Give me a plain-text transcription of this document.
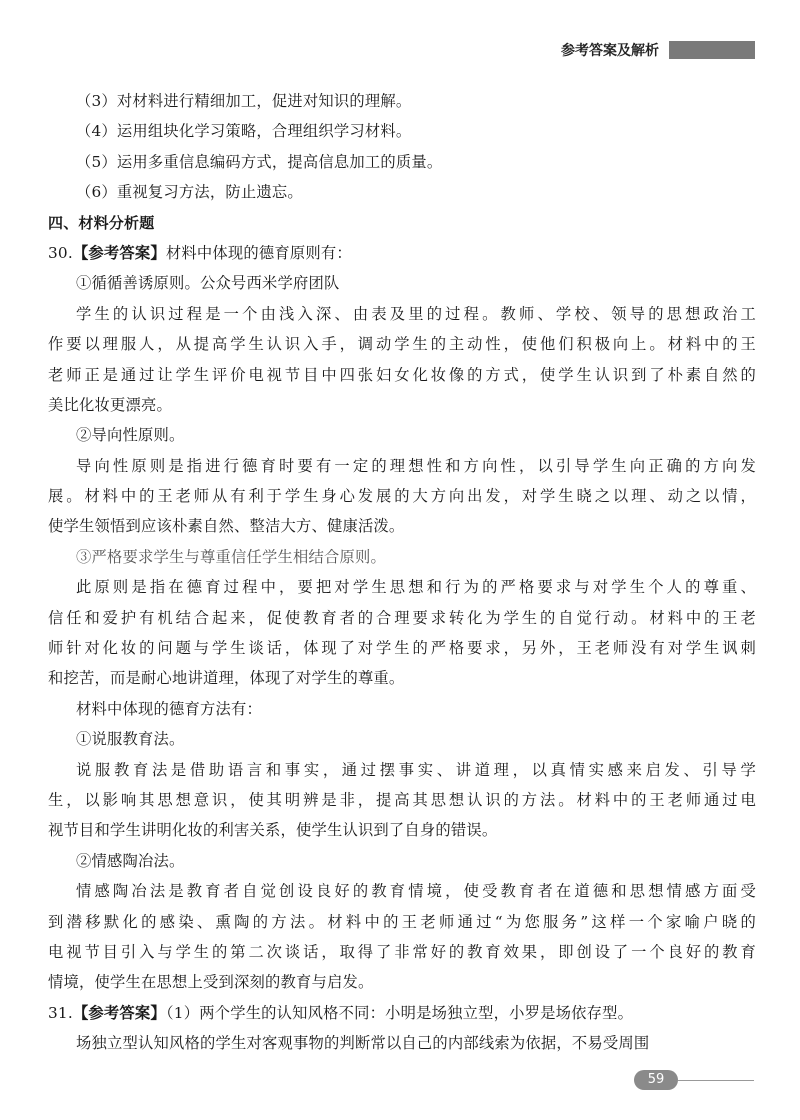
参考答案及解析
（3）对材料进行精细加工，促进对知识的理解。
（4）运用组块化学习策略，合理组织学习材料。
（5）运用多重信息编码方式，提高信息加工的质量。
（6）重视复习方法，防止遗忘。
四、材料分析题
30.【参考答案】材料中体现的德育原则有：
①循循善诱原则。公众号西米学府团队
学生的认识过程是一个由浅入深、由表及里的过程。教师、学校、领导的思想政治工
作要以理服人，从提高学生认识入手，调动学生的主动性，使他们积极向上。材料中的王
老师正是通过让学生评价电视节目中四张妇女化妆像的方式，使学生认识到了朴素自然的
美比化妆更漂亮。
②导向性原则。
导向性原则是指进行德育时要有一定的理想性和方向性，以引导学生向正确的方向发
展。材料中的王老师从有利于学生身心发展的大方向出发，对学生晓之以理、动之以情，
使学生领悟到应该朴素自然、整洁大方、健康活泼。
③严格要求学生与尊重信任学生相结合原则。
此原则是指在德育过程中，要把对学生思想和行为的严格要求与对学生个人的尊重、
信任和爱护有机结合起来，促使教育者的合理要求转化为学生的自觉行动。材料中的王老
师针对化妆的问题与学生谈话，体现了对学生的严格要求，另外，王老师没有对学生讽刺
和挖苦，而是耐心地讲道理，体现了对学生的尊重。
材料中体现的德育方法有：
①说服教育法。
说服教育法是借助语言和事实，通过摆事实、讲道理，以真情实感来启发、引导学
生，以影响其思想意识，使其明辨是非，提高其思想认识的方法。材料中的王老师通过电
视节目和学生讲明化妆的利害关系，使学生认识到了自身的错误。
②情感陶冶法。
情感陶冶法是教育者自觉创设良好的教育情境，使受教育者在道德和思想情感方面受
到潜移默化的感染、熏陶的方法。材料中的王老师通过“为您服务”这样一个家喻户晓的
电视节目引入与学生的第二次谈话，取得了非常好的教育效果，即创设了一个良好的教育
情境，使学生在思想上受到深刻的教育与启发。
31.【参考答案】（1）两个学生的认知风格不同：小明是场独立型，小罗是场依存型。
场独立型认知风格的学生对客观事物的判断常以自己的内部线索为依据，不易受周围
59
